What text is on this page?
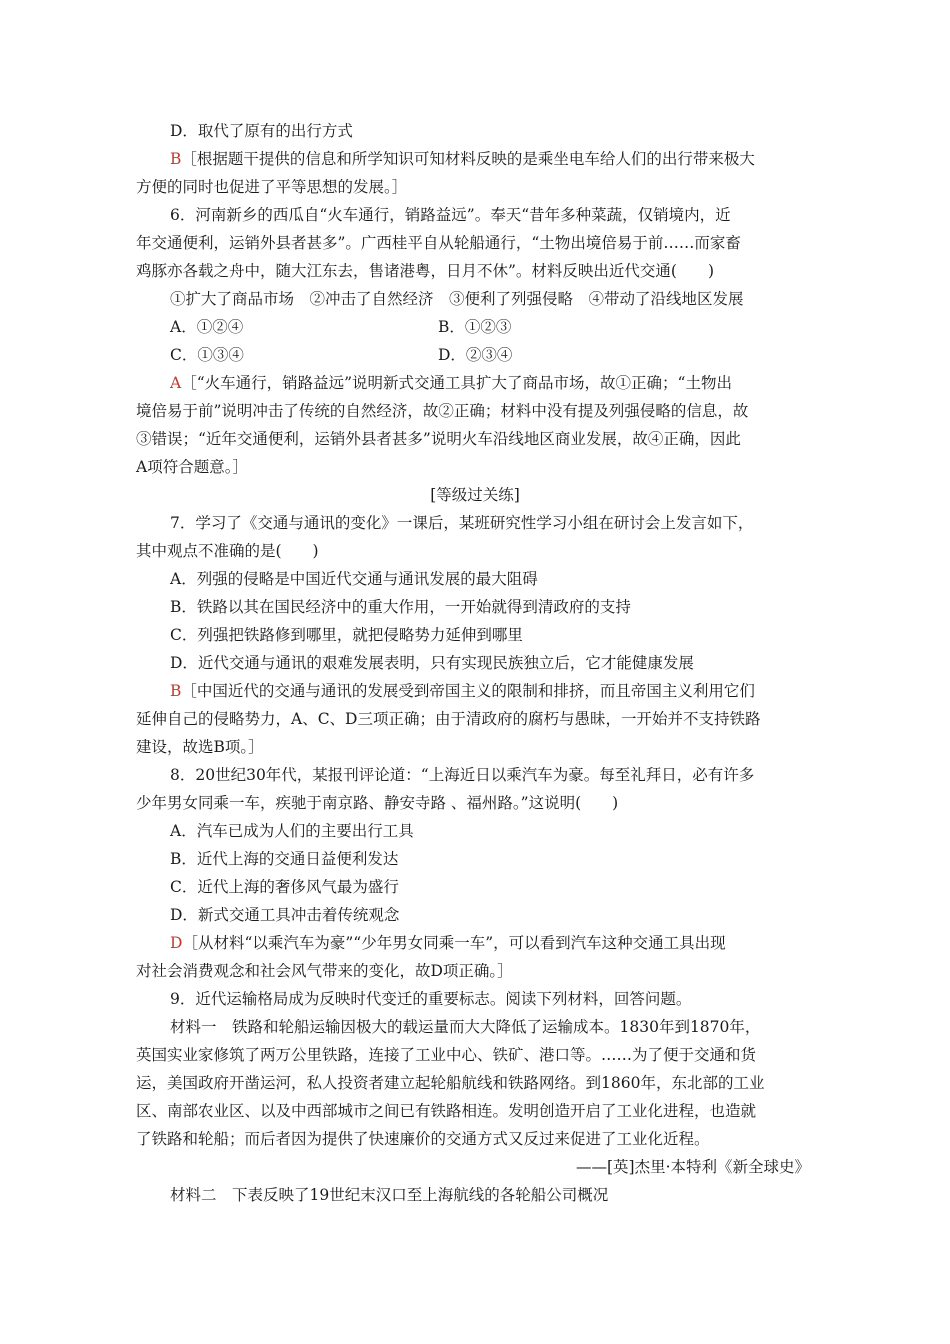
D．取代了原有的出行方式
B［根据题干提供的信息和所学知识可知材料反映的是乘坐电车给人们的出行带来极大
方便的同时也促进了平等思想的发展。］
6．河南新乡的西瓜自“火车通行，销路益远”。奉天“昔年多种菜蔬，仅销境内，近
年交通便利，运销外县者甚多”。广西桂平自从轮船通行，“土物出境倍易于前……而家畜
鸡豚亦各载之舟中，随大江东去，售诸港粤，日月不休”。材料反映出近代交通(　　)
①扩大了商品市场　②冲击了自然经济　③便利了列强侵略　④带动了沿线地区发展
A．①②④	B．①②③
C．①③④	D．②③④
A［“火车通行，销路益远”说明新式交通工具扩大了商品市场，故①正确；“土物出
境倍易于前”说明冲击了传统的自然经济，故②正确；材料中没有提及列强侵略的信息，故
③错误；“近年交通便利，运销外县者甚多”说明火车沿线地区商业发展，故④正确，因此
A项符合题意。］
[等级过关练]
7．学习了《交通与通讯的变化》一课后，某班研究性学习小组在研讨会上发言如下，
其中观点不准确的是(　　)
A．列强的侵略是中国近代交通与通讯发展的最大阻碍
B．铁路以其在国民经济中的重大作用，一开始就得到清政府的支持
C．列强把铁路修到哪里，就把侵略势力延伸到哪里
D．近代交通与通讯的艰难发展表明，只有实现民族独立后，它才能健康发展
B［中国近代的交通与通讯的发展受到帝国主义的限制和排挤，而且帝国主义利用它们
延伸自己的侵略势力，A、C、D三项正确；由于清政府的腐朽与愚昧，一开始并不支持铁路
建设，故选B项。］
8．20世纪30年代，某报刊评论道：“上海近日以乘汽车为豪。每至礼拜日，必有许多
少年男女同乘一车，疾驰于南京路、静安寺路 、福州路。”这说明(　　)
A．汽车已成为人们的主要出行工具
B．近代上海的交通日益便利发达
C．近代上海的奢侈风气最为盛行
D．新式交通工具冲击着传统观念
D［从材料“以乘汽车为豪”“少年男女同乘一车”，可以看到汽车这种交通工具出现
对社会消费观念和社会风气带来的变化，故D项正确。］
9．近代运输格局成为反映时代变迁的重要标志。阅读下列材料，回答问题。
材料一　铁路和轮船运输因极大的载运量而大大降低了运输成本。1830年到1870年，
英国实业家修筑了两万公里铁路，连接了工业中心、铁矿、港口等。……为了便于交通和货
运，美国政府开凿运河，私人投资者建立起轮船航线和铁路网络。到1860年，东北部的工业
区、南部农业区、以及中西部城市之间已有铁路相连。发明创造开启了工业化进程，也造就
了铁路和轮船；而后者因为提供了快速廉价的交通方式又反过来促进了工业化近程。
——[英]杰里·本特利《新全球史》
材料二　下表反映了19世纪末汉口至上海航线的各轮船公司概况
